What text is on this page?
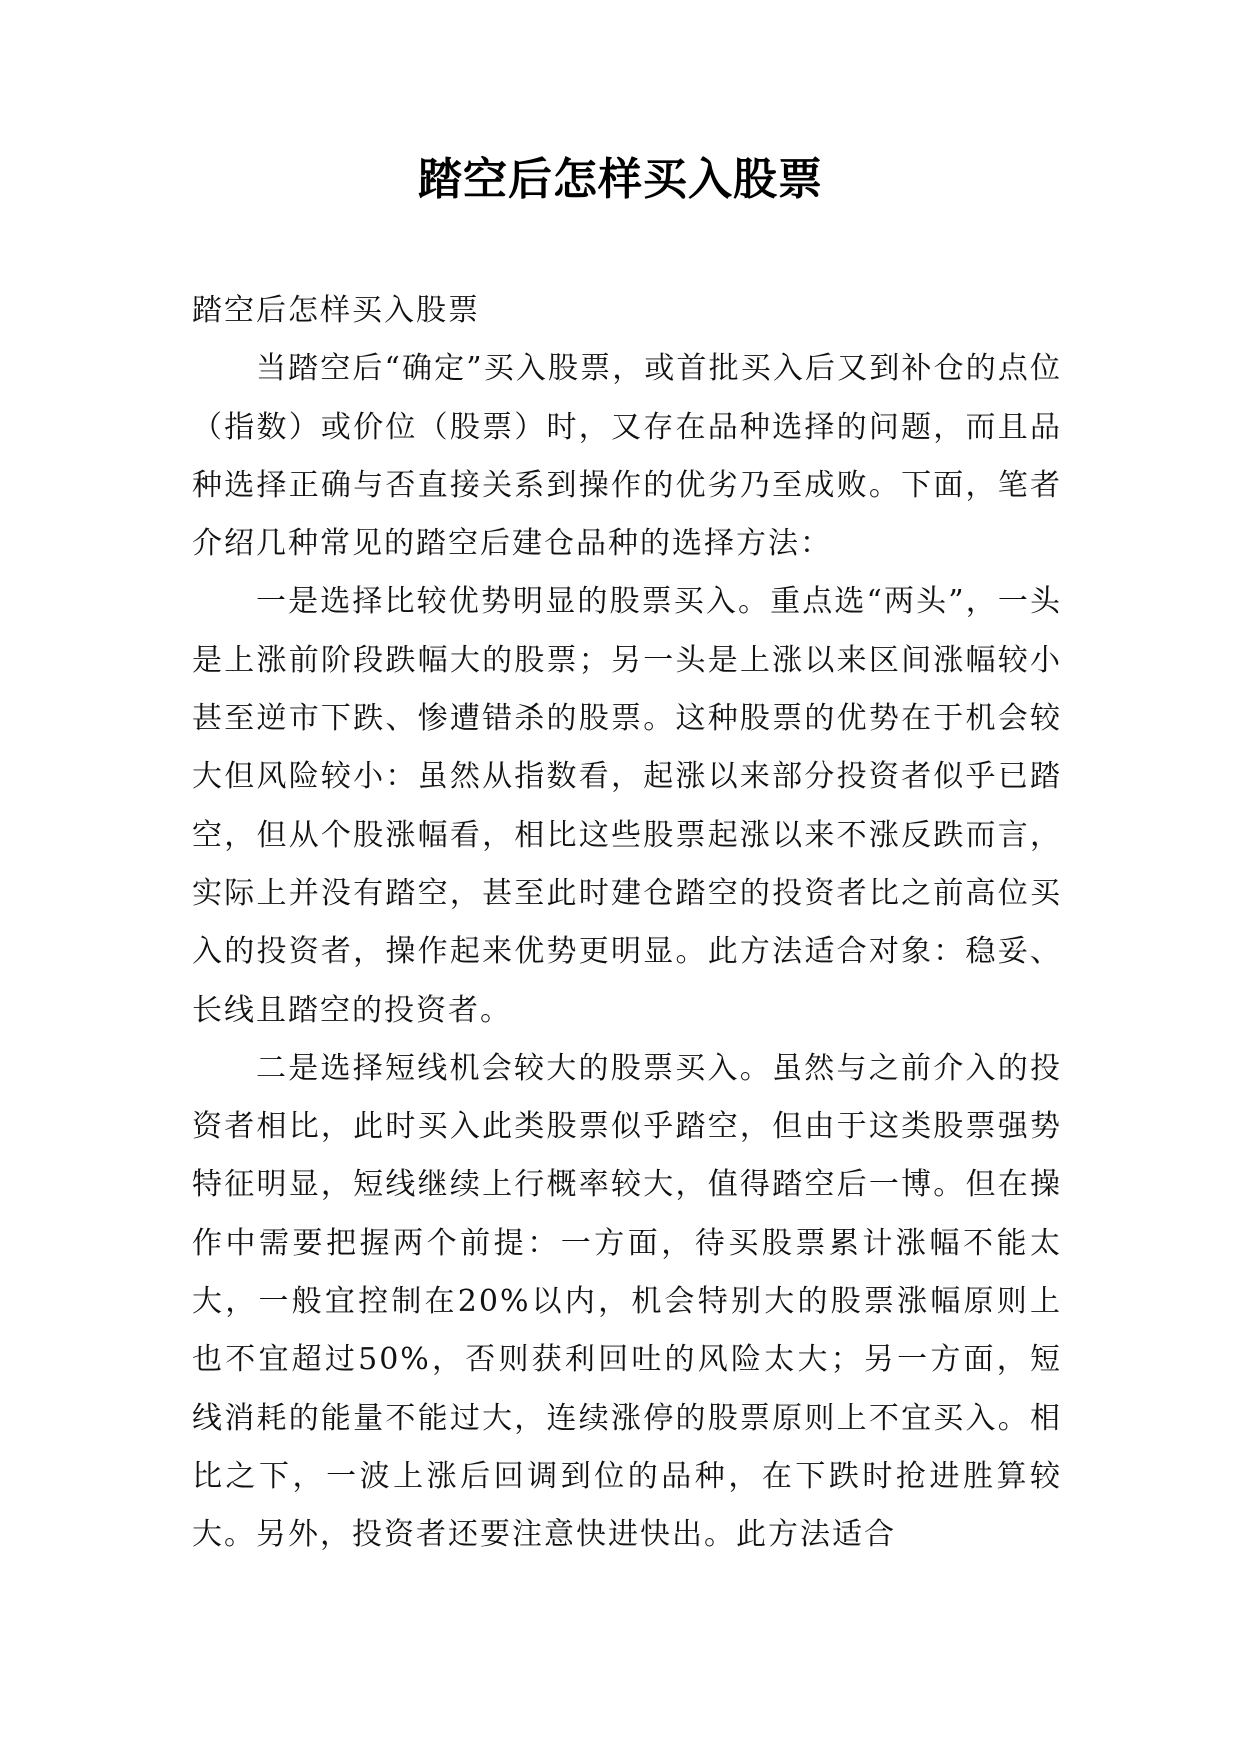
踏空后怎样买入股票

踏空后怎样买入股票

当踏空后“确定”买入股票，或首批买入后又到补仓的点位（指数）或价位（股票）时，又存在品种选择的问题，而且品种选择正确与否直接关系到操作的优劣乃至成败。下面，笔者介绍几种常见的踏空后建仓品种的选择方法：

一是选择比较优势明显的股票买入。重点选“两头”，一头是上涨前阶段跌幅大的股票；另一头是上涨以来区间涨幅较小甚至逆市下跌、惨遭错杀的股票。这种股票的优势在于机会较大但风险较小：虽然从指数看，起涨以来部分投资者似乎已踏空，但从个股涨幅看，相比这些股票起涨以来不涨反跌而言，实际上并没有踏空，甚至此时建仓踏空的投资者比之前高位买入的投资者，操作起来优势更明显。此方法适合对象：稳妥、长线且踏空的投资者。

二是选择短线机会较大的股票买入。虽然与之前介入的投资者相比，此时买入此类股票似乎踏空，但由于这类股票强势特征明显，短线继续上行概率较大，值得踏空后一博。但在操作中需要把握两个前提：一方面，待买股票累计涨幅不能太大，一般宜控制在20%以内，机会特别大的股票涨幅原则上也不宜超过50%，否则获利回吐的风险太大；另一方面，短线消耗的能量不能过大，连续涨停的股票原则上不宜买入。相比之下，一波上涨后回调到位的品种，在下跌时抢进胜算较大。另外，投资者还要注意快进快出。此方法适合
